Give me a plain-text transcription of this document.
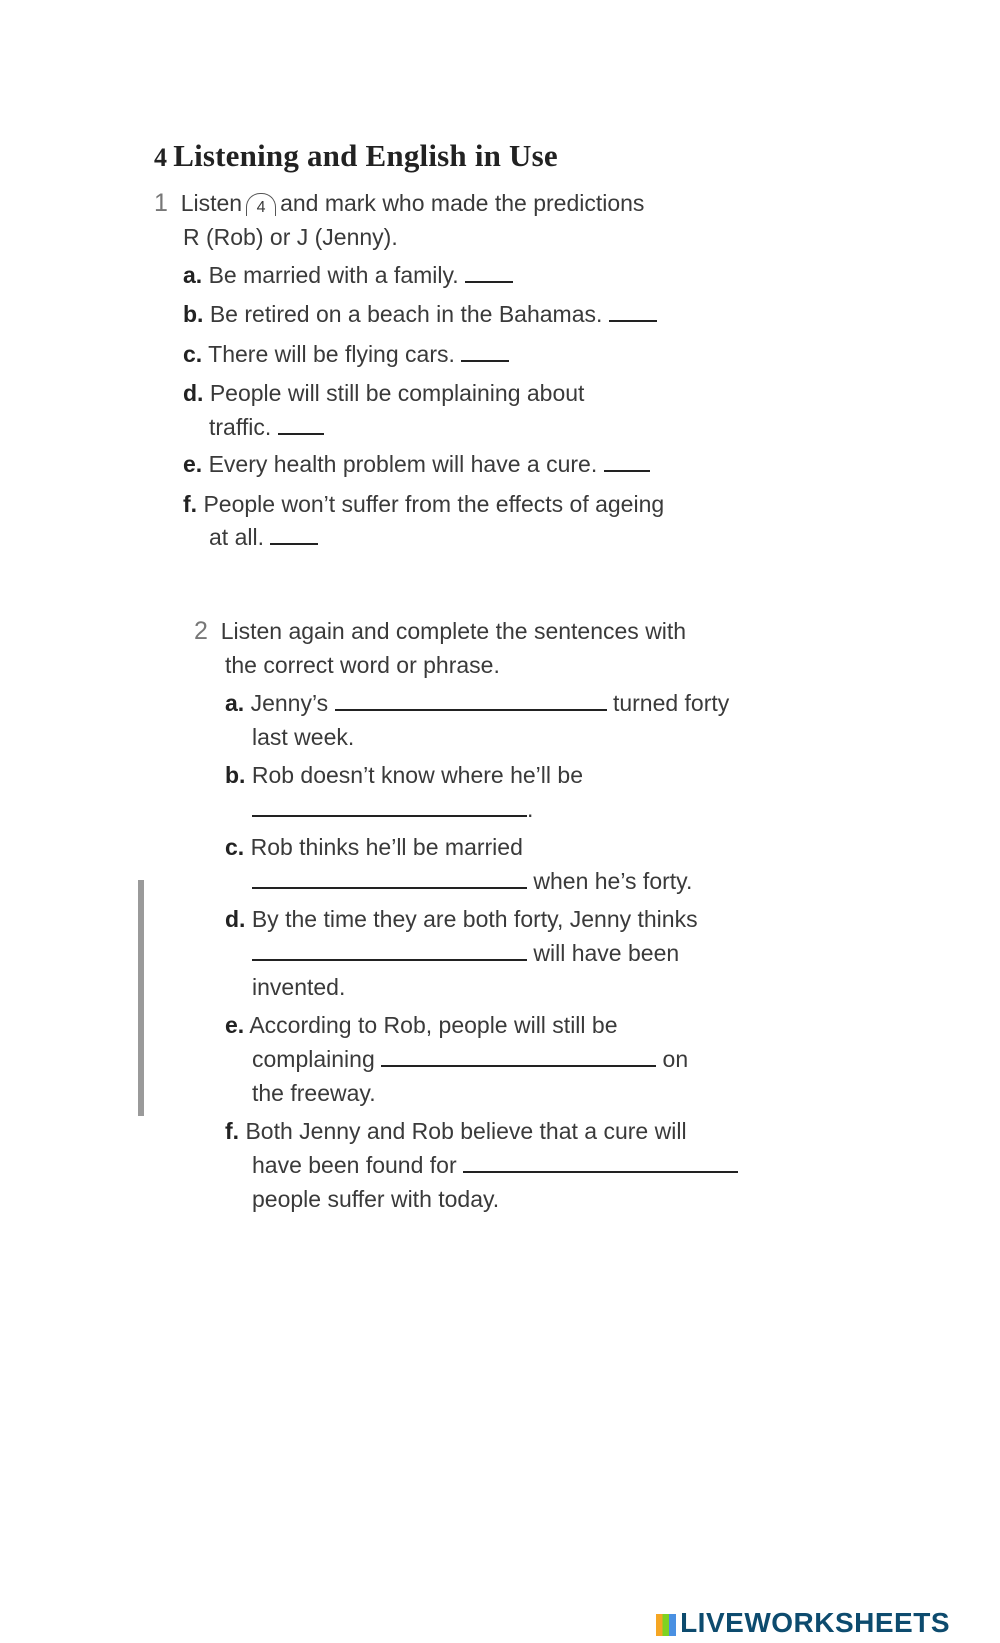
4 Listening and English in Use
1 Listen 4 and mark who made the predictions
R (Rob) or J (Jenny).
a. Be married with a family.
b. Be retired on a beach in the Bahamas.
c. There will be flying cars.
d. People will still be complaining about
traffic.
e. Every health problem will have a cure.
f. People won’t suffer from the effects of ageing
at all.
2 Listen again and complete the sentences with
the correct word or phrase.
a. Jenny’s	turned forty
last week.
b. Rob doesn’t know where he’ll be
.
c. Rob thinks he’ll be married
when he’s forty.
d. By the time they are both forty, Jenny thinks
will have been
invented.
e. According to Rob, people will still be
complaining	on
the freeway.
f. Both Jenny and Rob believe that a cure will
have been found for
people suffer with today.
LIVEWORKSHEETS
